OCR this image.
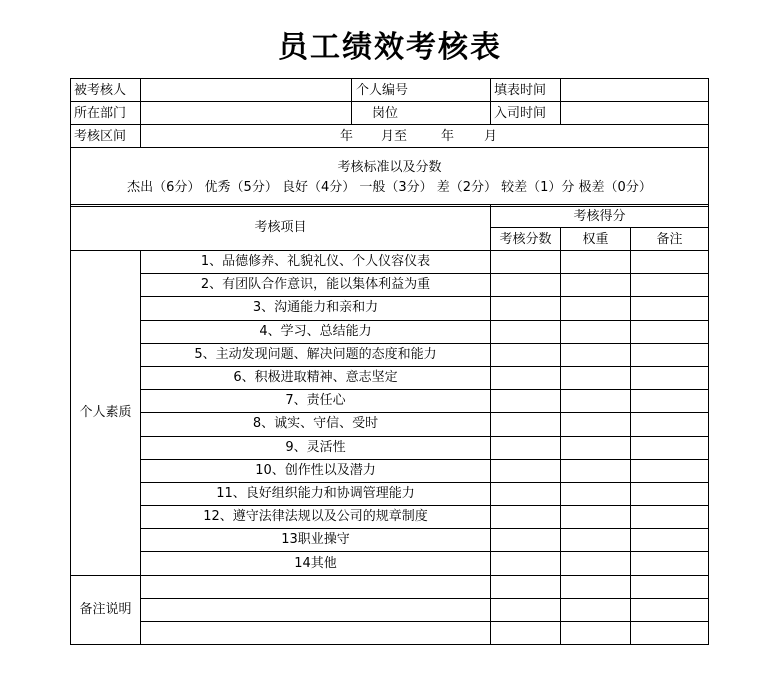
员工绩效考核表
被考核人		个人编号	填表时间	
所在部门		岗位	入司时间	
考核区间	年 月至 年 月			

考核标准以及分数
杰出（6分） 优秀（5分） 良好（4分） 一般（3分） 差（2分） 较差（1）分 极差（0分）				

考核项目		考核得分		
		考核分数	权重	备注
个人素质	1、品德修养、礼貌礼仪、个人仪容仪表			
	2、有团队合作意识，能以集体利益为重			
	3、沟通能力和亲和力			
	4、学习、总结能力			
	5、主动发现问题、解决问题的态度和能力			
	6、积极进取精神、意志坚定			
	7、责任心			
	8、诚实、守信、受时			
	9、灵活性			
	10、创作性以及潜力			
	11、良好组织能力和协调管理能力			
	12、遵守法律法规以及公司的规章制度			
	13职业操守			
	14其他			
备注说明				
